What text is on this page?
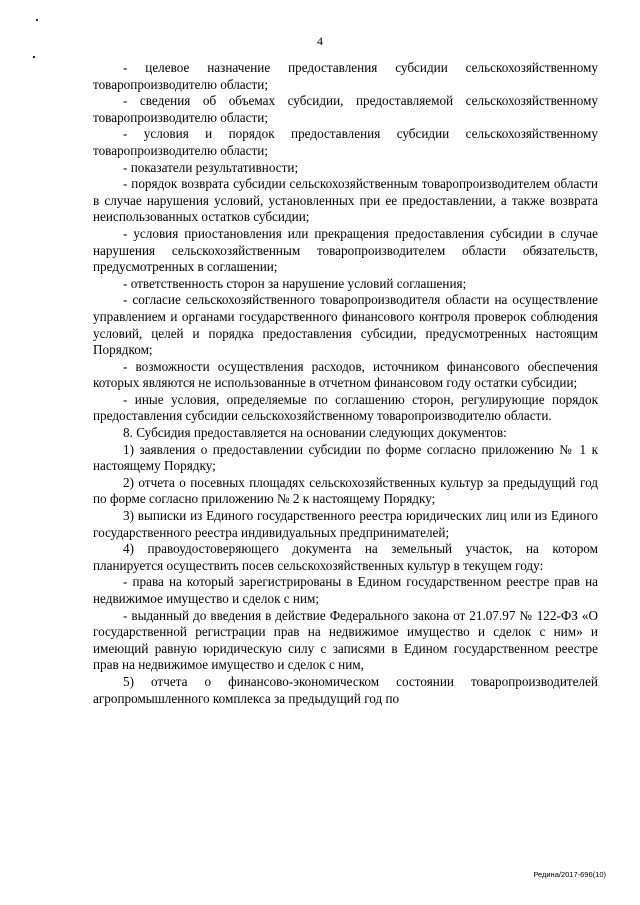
4

- целевое назначение предоставления субсидии сельскохозяйственному товаропроизводителю области;

- сведения об объемах субсидии, предоставляемой сельскохозяйственному товаропроизводителю области;

- условия и порядок предоставления субсидии сельскохозяйственному товаропроизводителю области;

- показатели результативности;

- порядок возврата субсидии сельскохозяйственным товаропроизводителем области в случае нарушения условий, установленных при ее предоставлении, а также возврата неиспользованных остатков субсидии;

- условия приостановления или прекращения предоставления субсидии в случае нарушения сельскохозяйственным товаропроизводителем области обязательств, предусмотренных в соглашении;

- ответственность сторон за нарушение условий соглашения;

- согласие сельскохозяйственного товаропроизводителя области на осуществление управлением и органами государственного финансового контроля проверок соблюдения условий, целей и порядка предоставления субсидии, предусмотренных настоящим Порядком;

- возможности осуществления расходов, источником финансового обеспечения которых являются не использованные в отчетном финансовом году остатки субсидии;

- иные условия, определяемые по соглашению сторон, регулирующие порядок предоставления субсидии сельскохозяйственному товаропроизводителю области.

8. Субсидия предоставляется на основании следующих документов:

1) заявления о предоставлении субсидии по форме согласно приложению № 1 к настоящему Порядку;

2) отчета о посевных площадях сельскохозяйственных культур за предыдущий год по форме согласно приложению № 2 к настоящему Порядку;

3) выписки из Единого государственного реестра юридических лиц или из Единого государственного реестра индивидуальных предпринимателей;

4) правоудостоверяющего документа на земельный участок, на котором планируется осуществить посев сельскохозяйственных культур в текущем году:

- права на который зарегистрированы в Едином государственном реестре прав на недвижимое имущество и сделок с ним;

- выданный до введения в действие Федерального закона от 21.07.97 № 122-ФЗ «О государственной регистрации прав на недвижимое имущество и сделок с ним» и имеющий равную юридическую силу с записями в Едином государственном реестре прав на недвижимое имущество и сделок с ним,

5) отчета о финансово-экономическом состоянии товаропроизводителей агропромышленного комплекса за предыдущий год по

Редина/2017-696(10)
